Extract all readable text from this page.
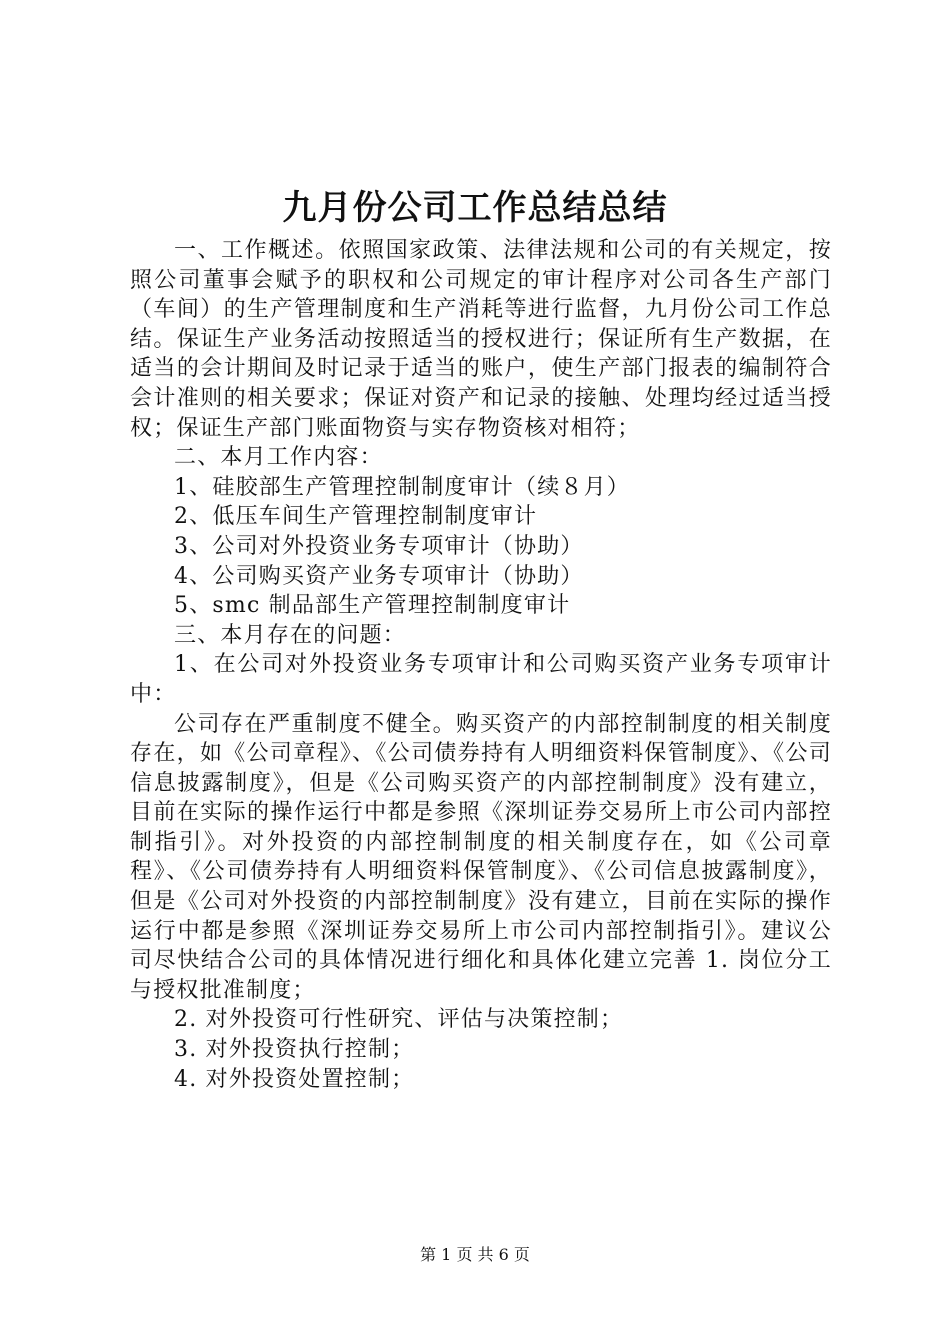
九月份公司工作总结总结

一、工作概述。依照国家政策、法律法规和公司的有关规定，按照公司董事会赋予的职权和公司规定的审计程序对公司各生产部门（车间）的生产管理制度和生产消耗等进行监督，九月份公司工作总结。保证生产业务活动按照适当的授权进行；保证所有生产数据，在适当的会计期间及时记录于适当的账户，使生产部门报表的编制符合会计准则的相关要求；保证对资产和记录的接触、处理均经过适当授权；保证生产部门账面物资与实存物资核对相符；

二、本月工作内容：

1、硅胶部生产管理控制制度审计（续８月）

2、低压车间生产管理控制制度审计

3、公司对外投资业务专项审计（协助）

4、公司购买资产业务专项审计（协助）

5、smc 制品部生产管理控制制度审计

三、本月存在的问题：

1、在公司对外投资业务专项审计和公司购买资产业务专项审计中：

公司存在严重制度不健全。购买资产的内部控制制度的相关制度存在，如《公司章程》、《公司债券持有人明细资料保管制度》、《公司信息披露制度》，但是《公司购买资产的内部控制制度》没有建立，目前在实际的操作运行中都是参照《深圳证券交易所上市公司内部控制指引》。对外投资的内部控制制度的相关制度存在，如《公司章程》、《公司债券持有人明细资料保管制度》、《公司信息披露制度》，但是《公司对外投资的内部控制制度》没有建立，目前在实际的操作运行中都是参照《深圳证券交易所上市公司内部控制指引》。建议公司尽快结合公司的具体情况进行细化和具体化建立完善 1. 岗位分工与授权批准制度；

2. 对外投资可行性研究、评估与决策控制；

3. 对外投资执行控制；

4. 对外投资处置控制；

第 1 页 共 6 页
